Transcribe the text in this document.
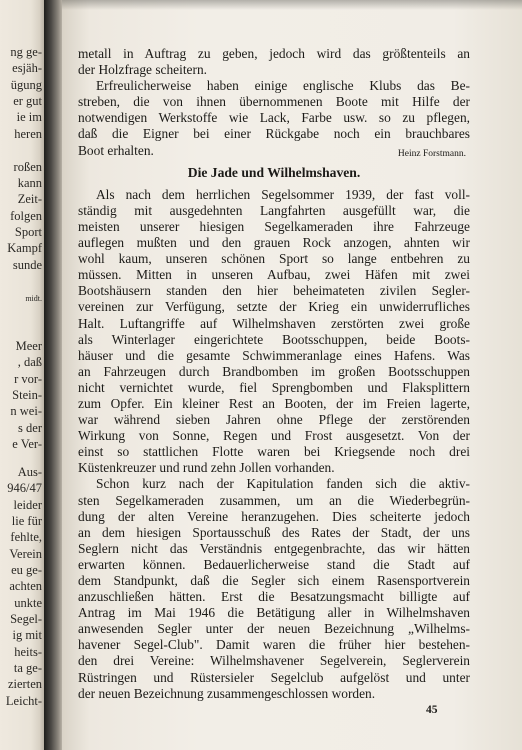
ng ge-
esjäh-
ügung
er gut
ie im
heren
roßen
kann
Zeit-
folgen
Sport
Kampf
sunde
midt.
Meer
, daß
r vor-
Stein-
n wei-
s der
e Ver-
Aus-
946/47
leider
lie für
fehlte,
Verein
eu ge-
achten
unkte
Segel-
ig mit
heits-
ta ge-
zierten
Leicht-
metall in Auftrag zu geben, jedoch wird das größtenteils an
der Holzfrage scheitern.
Erfreulicherweise haben einige englische Klubs das Be-
streben, die von ihnen übernommenen Boote mit Hilfe der
notwendigen Werkstoffe wie Lack, Farbe usw. so zu pflegen,
daß die Eigner bei einer Rückgabe noch ein brauchbares
Boot erhalten.	Heinz Forstmann.
Die Jade und Wilhelmshaven.
Als nach dem herrlichen Segelsommer 1939, der fast voll-
ständig mit ausgedehnten Langfahrten ausgefüllt war, die
meisten unserer hiesigen Segelkameraden ihre Fahrzeuge
auflegen mußten und den grauen Rock anzogen, ahnten wir
wohl kaum, unseren schönen Sport so lange entbehren zu
müssen. Mitten in unseren Aufbau, zwei Häfen mit zwei
Bootshäusern standen den hier beheimateten zivilen Segler-
vereinen zur Verfügung, setzte der Krieg ein unwiderrufliches
Halt. Luftangriffe auf Wilhelmshaven zerstörten zwei große
als Winterlager eingerichtete Bootsschuppen, beide Boots-
häuser und die gesamte Schwimmeranlage eines Hafens. Was
an Fahrzeugen durch Brandbomben im großen Bootsschuppen
nicht vernichtet wurde, fiel Sprengbomben und Flaksplittern
zum Opfer. Ein kleiner Rest an Booten, der im Freien lagerte,
war während sieben Jahren ohne Pflege der zerstörenden
Wirkung von Sonne, Regen und Frost ausgesetzt. Von der
einst so stattlichen Flotte waren bei Kriegsende noch drei
Küstenkreuzer und rund zehn Jollen vorhanden.
Schon kurz nach der Kapitulation fanden sich die aktiv-
sten Segelkameraden zusammen, um an die Wiederbegrün-
dung der alten Vereine heranzugehen. Dies scheiterte jedoch
an dem hiesigen Sportausschuß des Rates der Stadt, der uns
Seglern nicht das Verständnis entgegenbrachte, das wir hätten
erwarten können. Bedauerlicherweise stand die Stadt auf
dem Standpunkt, daß die Segler sich einem Rasensportverein
anzuschließen hätten. Erst die Besatzungsmacht billigte auf
Antrag im Mai 1946 die Betätigung aller in Wilhelmshaven
anwesenden Segler unter der neuen Bezeichnung „Wilhelms-
havener Segel-Club". Damit waren die früher hier bestehen-
den drei Vereine: Wilhelmshavener Segelverein, Seglerverein
Rüstringen und Rüstersieler Segelclub aufgelöst und unter
der neuen Bezeichnung zusammengeschlossen worden.
45
